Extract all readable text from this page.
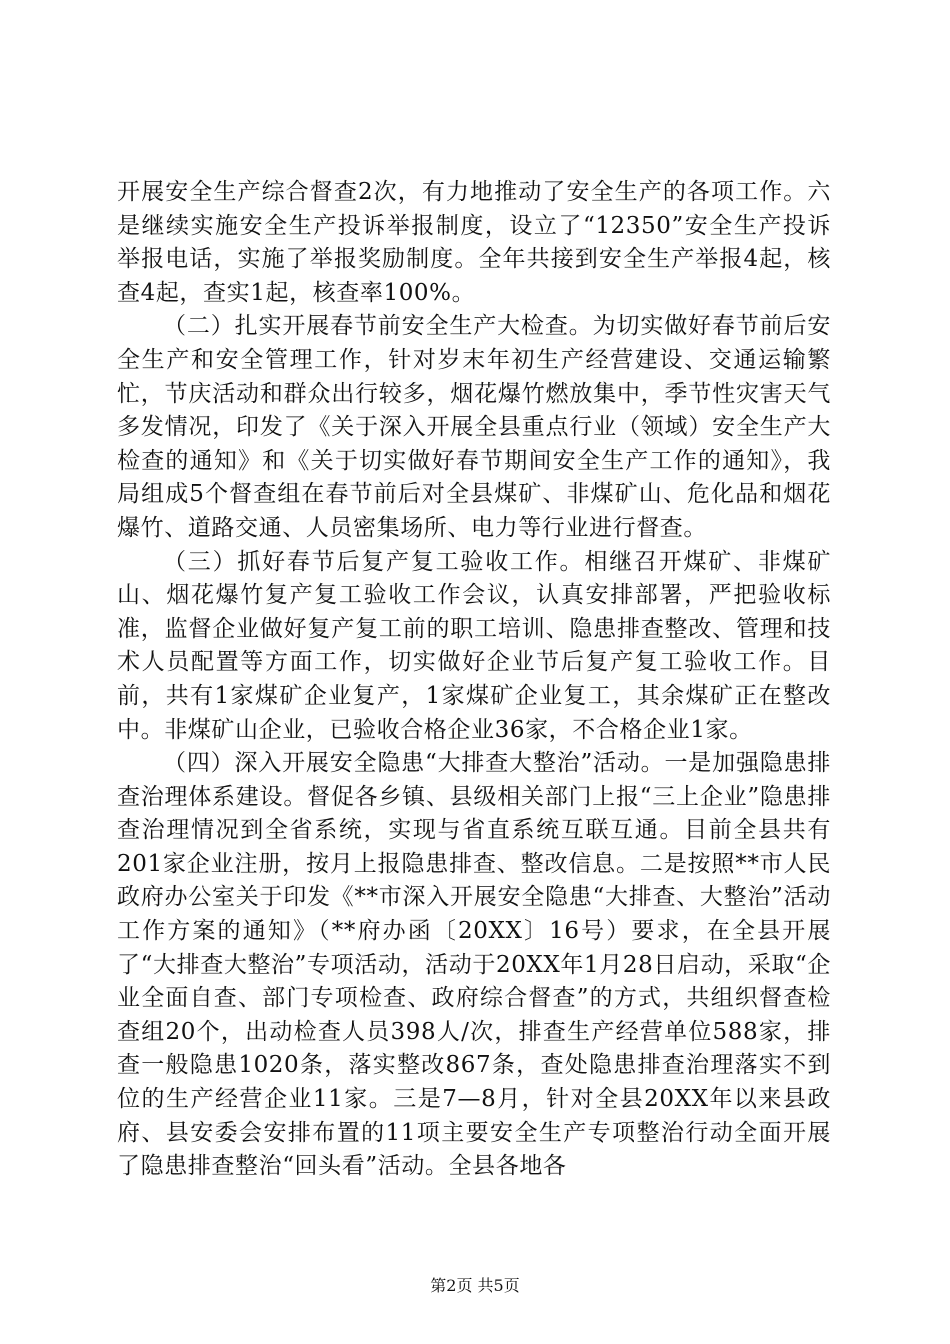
开展安全生产综合督查2次，有力地推动了安全生产的各项工作。六是继续实施安全生产投诉举报制度，设立了“12350”安全生产投诉举报电话，实施了举报奖励制度。全年共接到安全生产举报4起，核查4起，查实1起，核查率100%。

（二）扎实开展春节前安全生产大检查。为切实做好春节前后安全生产和安全管理工作，针对岁末年初生产经营建设、交通运输繁忙，节庆活动和群众出行较多，烟花爆竹燃放集中，季节性灾害天气多发情况，印发了《关于深入开展全县重点行业（领域）安全生产大检查的通知》和《关于切实做好春节期间安全生产工作的通知》，我局组成5个督查组在春节前后对全县煤矿、非煤矿山、危化品和烟花爆竹、道路交通、人员密集场所、电力等行业进行督查。

（三）抓好春节后复产复工验收工作。相继召开煤矿、非煤矿山、烟花爆竹复产复工验收工作会议，认真安排部署，严把验收标准，监督企业做好复产复工前的职工培训、隐患排查整改、管理和技术人员配置等方面工作，切实做好企业节后复产复工验收工作。目前，共有1家煤矿企业复产，1家煤矿企业复工，其余煤矿正在整改中。非煤矿山企业，已验收合格企业36家，不合格企业1家。

（四）深入开展安全隐患“大排查大整治”活动。一是加强隐患排查治理体系建设。督促各乡镇、县级相关部门上报“三上企业”隐患排查治理情况到全省系统，实现与省直系统互联互通。目前全县共有201家企业注册，按月上报隐患排查、整改信息。二是按照**市人民政府办公室关于印发《**市深入开展安全隐患“大排查、大整治”活动工作方案的通知》（**府办函〔20XX〕16号）要求，在全县开展了“大排查大整治”专项活动，活动于20XX年1月28日启动，采取“企业全面自查、部门专项检查、政府综合督查”的方式，共组织督查检查组20个，出动检查人员398人/次，排查生产经营单位588家，排查一般隐患1020条，落实整改867条，查处隐患排查治理落实不到位的生产经营企业11家。三是7—8月，针对全县20XX年以来县政府、县安委会安排布置的11项主要安全生产专项整治行动全面开展了隐患排查整治“回头看”活动。全县各地各

第2页 共5页
